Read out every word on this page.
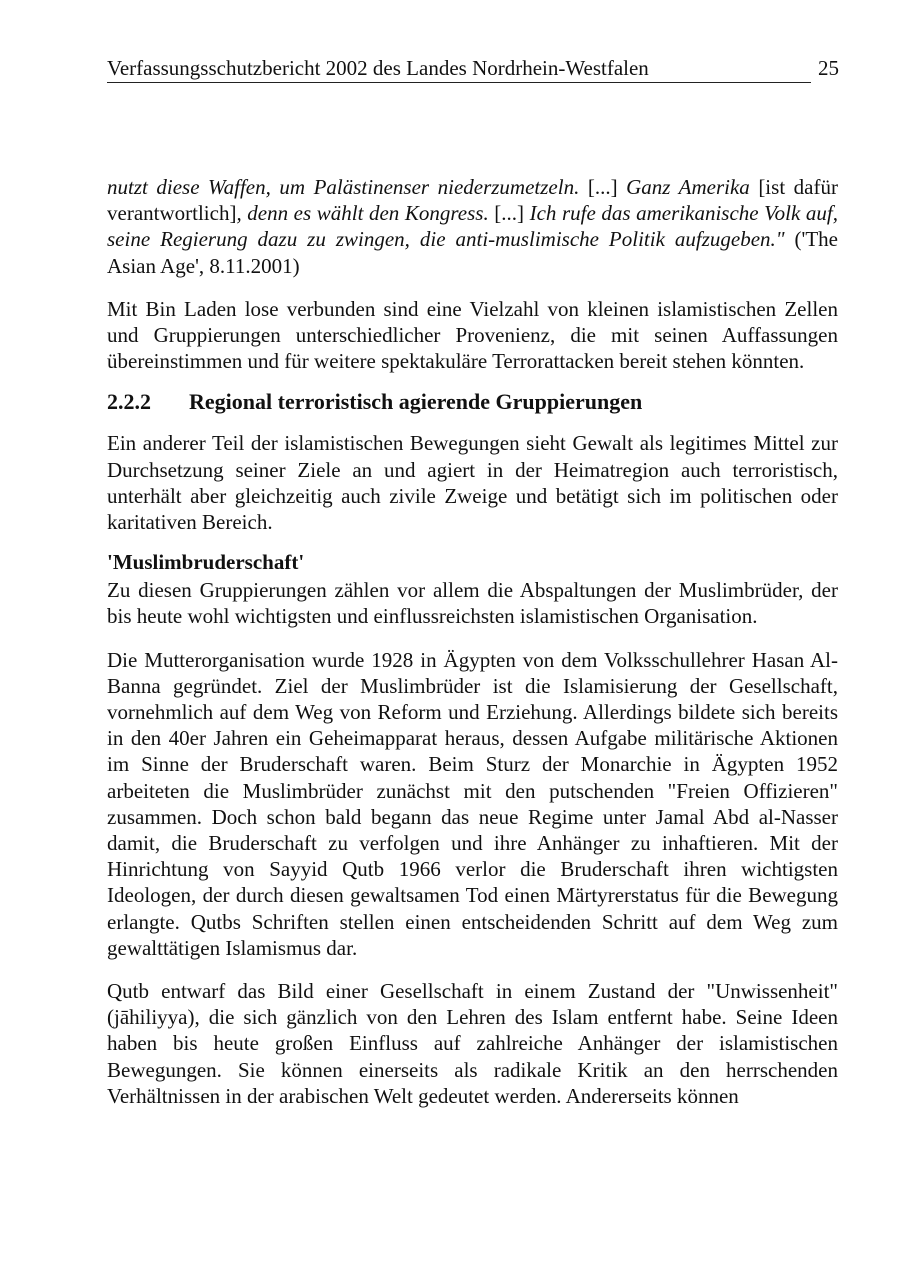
Verfassungsschutzbericht 2002 des Landes Nordrhein-Westfalen	25

nutzt diese Waffen, um Palästinenser niederzumetzeln. [...] Ganz Amerika [ist dafür verantwortlich], denn es wählt den Kongress. [...] Ich rufe das amerikanische Volk auf, seine Regierung dazu zu zwingen, die anti-muslimische Politik aufzugeben." ('The Asian Age', 8.11.2001)

Mit Bin Laden lose verbunden sind eine Vielzahl von kleinen islamistischen Zellen und Gruppierungen unterschiedlicher Provenienz, die mit seinen Auffassungen übereinstimmen und für weitere spektakuläre Terrorattacken bereit stehen könnten.

2.2.2 Regional terroristisch agierende Gruppierungen

Ein anderer Teil der islamistischen Bewegungen sieht Gewalt als legitimes Mittel zur Durchsetzung seiner Ziele an und agiert in der Heimatregion auch terroristisch, unterhält aber gleichzeitig auch zivile Zweige und betätigt sich im politischen oder karitativen Bereich.

'Muslimbruderschaft'

Zu diesen Gruppierungen zählen vor allem die Abspaltungen der Muslimbrüder, der bis heute wohl wichtigsten und einflussreichsten islamistischen Organisation.

Die Mutterorganisation wurde 1928 in Ägypten von dem Volksschullehrer Hasan Al-Banna gegründet. Ziel der Muslimbrüder ist die Islamisierung der Gesellschaft, vornehmlich auf dem Weg von Reform und Erziehung. Allerdings bildete sich bereits in den 40er Jahren ein Geheimapparat heraus, dessen Aufgabe militärische Aktionen im Sinne der Bruderschaft waren. Beim Sturz der Monarchie in Ägypten 1952 arbeiteten die Muslimbrüder zunächst mit den putschenden "Freien Offizieren" zusammen. Doch schon bald begann das neue Regime unter Jamal Abd al-Nasser damit, die Bruderschaft zu verfolgen und ihre Anhänger zu inhaftieren. Mit der Hinrichtung von Sayyid Qutb 1966 verlor die Bruderschaft ihren wichtigsten Ideologen, der durch diesen gewaltsamen Tod einen Märtyrerstatus für die Bewegung erlangte. Qutbs Schriften stellen einen entscheidenden Schritt auf dem Weg zum gewalttätigen Islamismus dar.

Qutb entwarf das Bild einer Gesellschaft in einem Zustand der "Unwissenheit" (jāhiliyya), die sich gänzlich von den Lehren des Islam entfernt habe. Seine Ideen haben bis heute großen Einfluss auf zahlreiche Anhänger der islamistischen Bewegungen. Sie können einerseits als radikale Kritik an den herrschenden Verhältnissen in der arabischen Welt gedeutet werden. Andererseits können
